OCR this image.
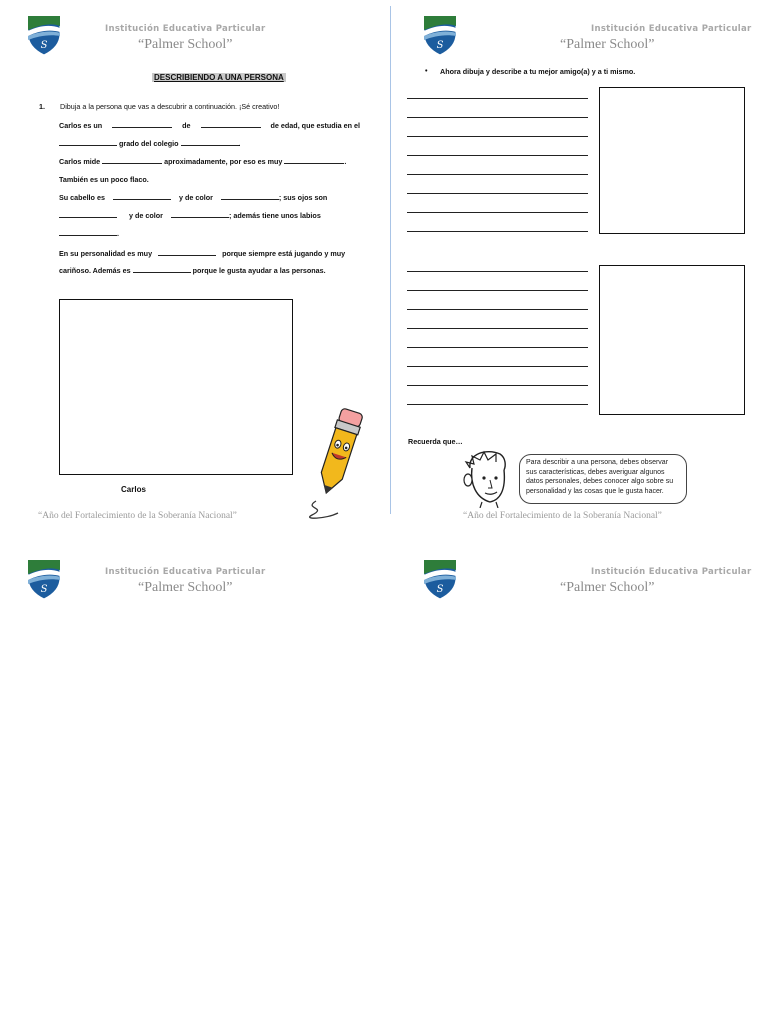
Institución Educativa Particular
“Palmer School”
Institución Educativa Particular
“Palmer School”
DESCRIBIENDO A UNA PERSONA
1. Dibuja a la persona que vas a descubrir a continuación. ¡Sé creativo!
Carlos es un	de	de edad, que estudia en el
grado del colegio	.
Carlos mide	aproximadamente, por eso es muy	.
También es un poco flaco.
Su cabello es	y de color	; sus ojos son
y de color	; además tiene unos labios
.
En su personalidad es muy	porque siempre está jugando y muy
cariñoso. Además es	porque le gusta ayudar a las personas.
Carlos
“Año del Fortalecimiento de la Soberanía Nacional”
• Ahora dibuja y describe a tu mejor amigo(a) y a ti mismo.
Recuerda que…
Para describir a una persona, debes observar sus características, debes averiguar algunos datos personales, debes conocer algo sobre su personalidad y las cosas que le gusta hacer.
“Año del Fortalecimiento de la Soberanía Nacional”
Institución Educativa Particular
“Palmer School”
Institución Educativa Particular
“Palmer School”
